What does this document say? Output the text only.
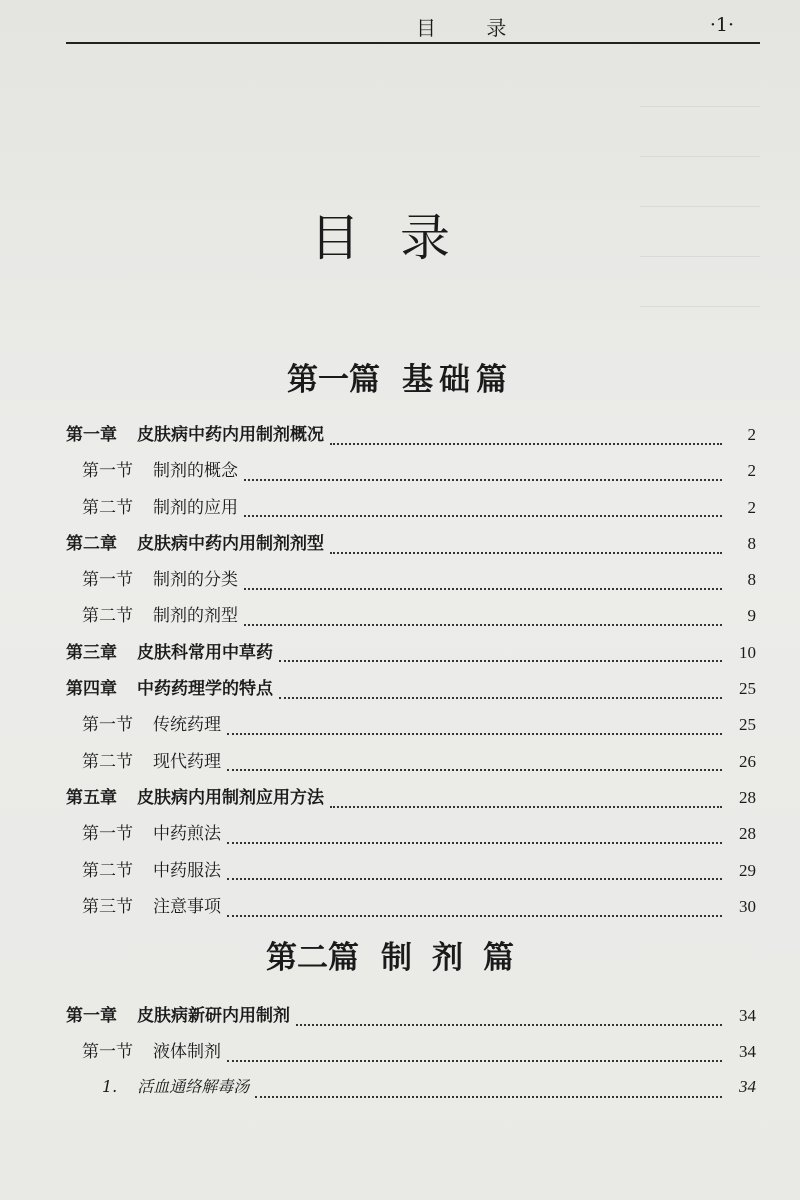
目 录	·1·
目录
第一篇 基础篇
第一章 皮肤病中药内用制剂概况	2
第一节 制剂的概念	2
第二节 制剂的应用	2
第二章 皮肤病中药内用制剂剂型	8
第一节 制剂的分类	8
第二节 制剂的剂型	9
第三章 皮肤科常用中草药	10
第四章 中药药理学的特点	25
第一节 传统药理	25
第二节 现代药理	26
第五章 皮肤病内用制剂应用方法	28
第一节 中药煎法	28
第二节 中药服法	29
第三节 注意事项	30
第二篇 制剂篇
第一章 皮肤病新研内用制剂	34
第一节 液体制剂	34
1. 活血通络解毒汤	34
